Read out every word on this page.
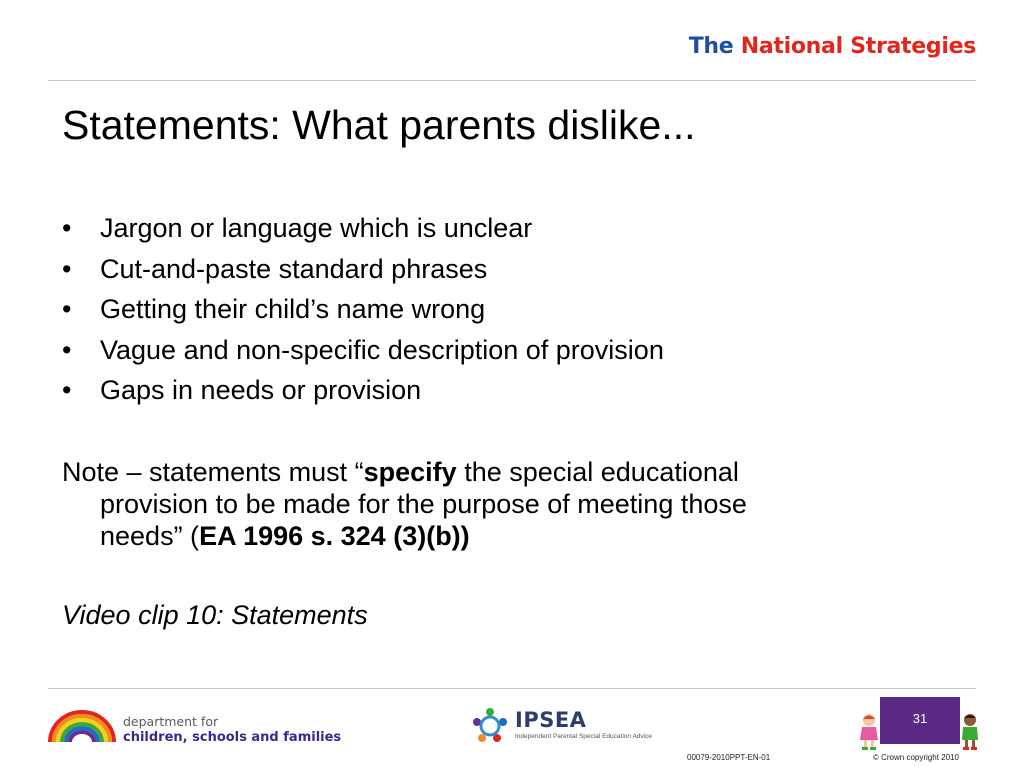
The National Strategies
Statements: What parents dislike...
• Jargon or language which is unclear
• Cut-and-paste standard phrases
• Getting their child’s name wrong
• Vague and non-specific description of provision
• Gaps in needs or provision
Note – statements must “specify the special educational
provision to be made for the purpose of meeting those
needs” (EA 1996 s. 324 (3)(b))
Video clip 10: Statements
department for
children, schools and families
IPSEA
Independent Parental Special Education Advice
31
00079-2010PPT-EN-01	© Crown copyright 2010
